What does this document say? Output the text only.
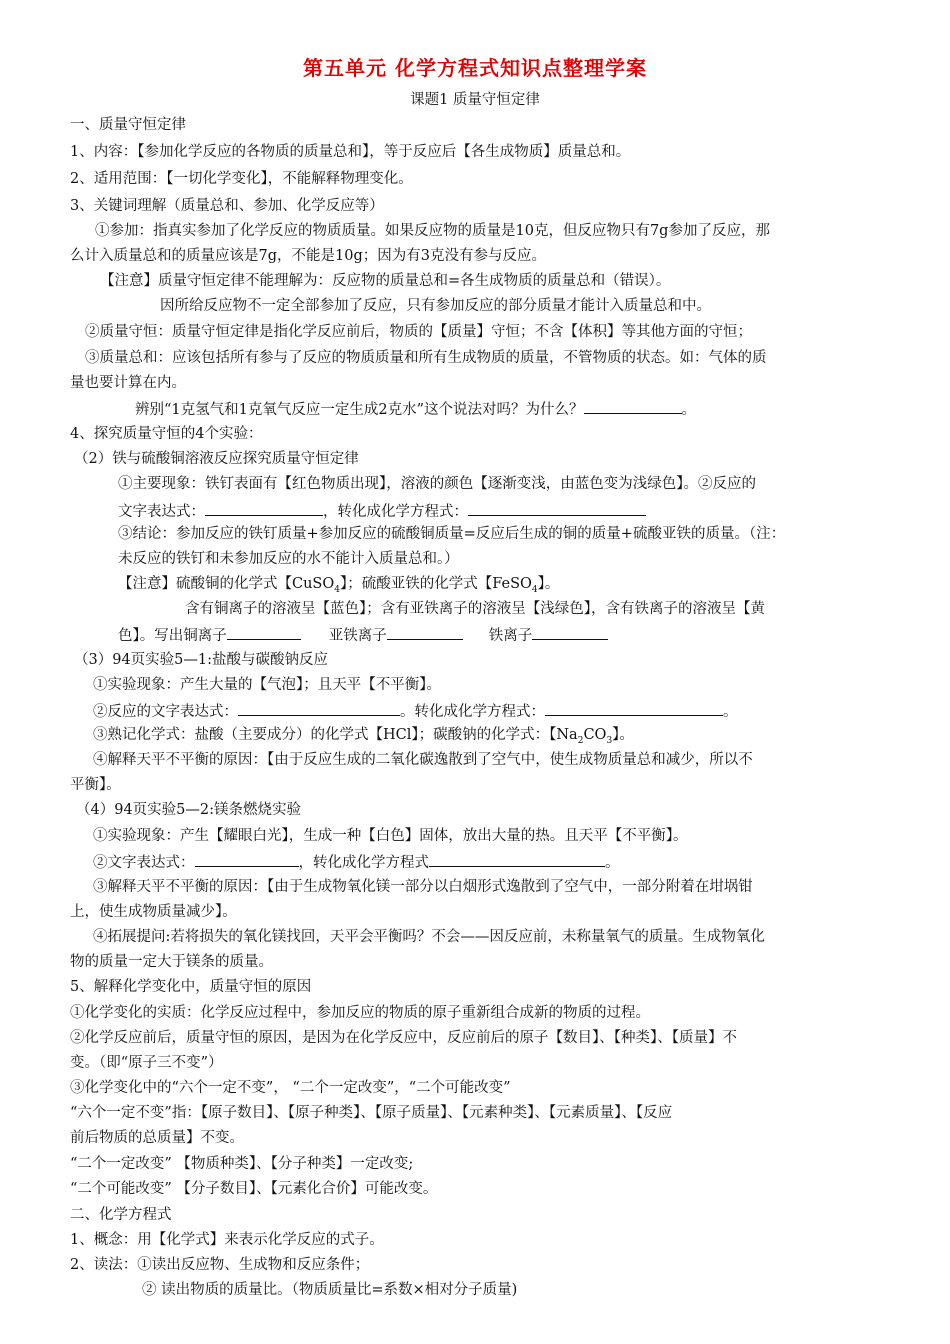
第五单元 化学方程式知识点整理学案
课题1 质量守恒定律
一、质量守恒定律
1、内容：【参加化学反应的各物质的质量总和】，等于反应后【各生成物质】质量总和。
2、适用范围：【一切化学变化】，不能解释物理变化。
3、关键词理解（质量总和、参加、化学反应等）
①参加：指真实参加了化学反应的物质质量。如果反应物的质量是10克，但反应物只有7g参加了反应，那
么计入质量总和的质量应该是7g，不能是10g；因为有3克没有参与反应。
【注意】质量守恒定律不能理解为：反应物的质量总和=各生成物质的质量总和（错误）。
因所给反应物不一定全部参加了反应，只有参加反应的部分质量才能计入质量总和中。
②质量守恒：质量守恒定律是指化学反应前后，物质的【质量】守恒；不含【体积】等其他方面的守恒；
③质量总和：应该包括所有参与了反应的物质质量和所有生成物质的质量，不管物质的状态。如：气体的质
量也要计算在内。
辨别“1克氢气和1克氧气反应一定生成2克水”这个说法对吗？为什么？	。
4、探究质量守恒的4个实验：
（2）铁与硫酸铜溶液反应探究质量守恒定律
①主要现象：铁钉表面有【红色物质出现】，溶液的颜色【逐渐变浅，由蓝色变为浅绿色】。②反应的
文字表达式：	，转化成化学方程式：
③结论：参加反应的铁钉质量+参加反应的硫酸铜质量=反应后生成的铜的质量+硫酸亚铁的质量。（注：
未反应的铁钉和未参加反应的水不能计入质量总和。）
【注意】硫酸铜的化学式【CuSO$_4$】；硫酸亚铁的化学式【FeSO$_4$】。
含有铜离子的溶液呈【蓝色】；含有亚铁离子的溶液呈【浅绿色】，含有铁离子的溶液呈【黄
色】。写出铜离子	亚铁离子	铁离子
（3）94页实验5—1:盐酸与碳酸钠反应
①实验现象：产生大量的【气泡】；且天平【不平衡】。
②反应的文字表达式：	。转化成化学方程式：	。
③熟记化学式：盐酸（主要成分）的化学式【HCl】；碳酸钠的化学式：【$Na_2CO_3$】。
④解释天平不平衡的原因：【由于反应生成的二氧化碳逸散到了空气中，使生成物质量总和减少，所以不
平衡】。
（4）94页实验5—2:镁条燃烧实验
①实验现象：产生【耀眼白光】，生成一种【白色】固体，放出大量的热。且天平【不平衡】。
②文字表达式：	，转化成化学方程式	。
③解释天平不平衡的原因：【由于生成物氧化镁一部分以白烟形式逸散到了空气中，一部分附着在坩埚钳
上，使生成物质量减少】。
④拓展提问:若将损失的氧化镁找回，天平会平衡吗？不会——因反应前，未称量氧气的质量。生成物氧化
物的质量一定大于镁条的质量。
5、解释化学变化中，质量守恒的原因
①化学变化的实质：化学反应过程中，参加反应的物质的原子重新组合成新的物质的过程。
②化学反应前后，质量守恒的原因，是因为在化学反应中，反应前后的原子【数目】、【种类】、【质量】不
变。（即“原子三不变”）
③化学变化中的“六个一定不变”， “二个一定改变”，“二个可能改变”
“六个一定不变”指：【原子数目】、【原子种类】、【原子质量】、【元素种类】、【元素质量】、【反应
前后物质的总质量】不变。
“二个一定改变” 【物质种类】、【分子种类】一定改变;
“二个可能改变” 【分子数目】、【元素化合价】可能改变。
二、化学方程式
1、概念：用【化学式】来表示化学反应的式子。
2、读法：①读出反应物、生成物和反应条件；
② 读出物质的质量比。（物质质量比=系数×相对分子质量)
